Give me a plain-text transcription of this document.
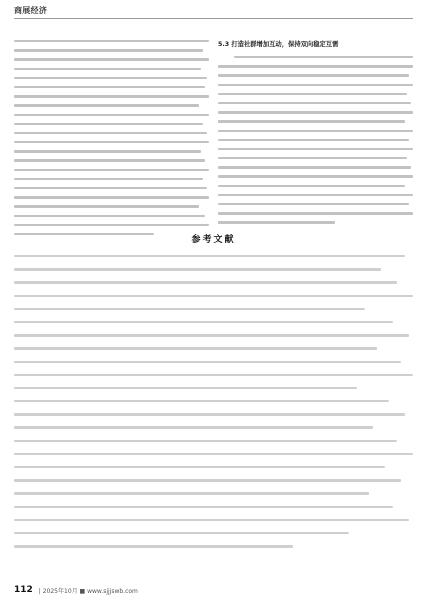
商展经济
5.3 打造社群增加互动，保持双向稳定互需
参考文献
112 | 2025年10月 ■ www.sjjjswb.com
